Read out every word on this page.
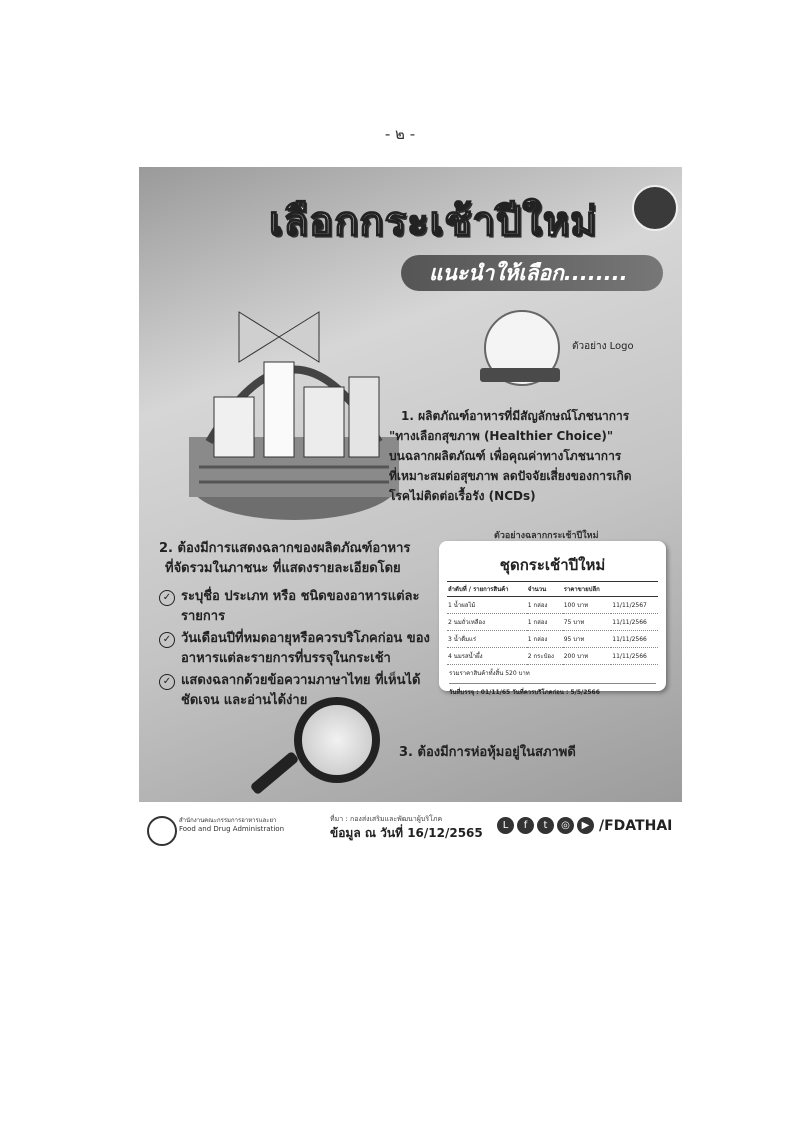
- ๒ -
เลือกกระเช้าปีใหม่
แนะนำให้เลือก........
ตัวอย่าง Logo
1. ผลิตภัณฑ์อาหารที่มีสัญลักษณ์โภชนาการ
"ทางเลือกสุขภาพ (Healthier Choice)"
บนฉลากผลิตภัณฑ์ เพื่อคุณค่าทางโภชนาการ
ที่เหมาะสมต่อสุขภาพ ลดปัจจัยเสี่ยงของการเกิด
โรคไม่ติดต่อเรื้อรัง (NCDs)
2. ต้องมีการแสดงฉลากของผลิตภัณฑ์อาหาร
ที่จัดรวมในภาชนะ ที่แสดงรายละเอียดโดย
✓ ระบุชื่อ ประเภท หรือ ชนิดของอาหารแต่ละรายการ
✓ วันเดือนปีที่หมดอายุหรือควรบริโภคก่อน ของอาหารแต่ละรายการที่บรรจุในกระเช้า
✓ แสดงฉลากด้วยข้อความภาษาไทย ที่เห็นได้ชัดเจน และอ่านได้ง่าย
ตัวอย่างฉลากกระเช้าปีใหม่
ชุดกระเช้าปีใหม่
ลำดับที่ / รายการสินค้า	จำนวน	ราคาขายปลีก	
1 น้ำผลไม้	1 กล่อง	100 บาท	11/11/2567
2 นมถั่วเหลือง	1 กล่อง	75 บาท	11/11/2566
3 น้ำดื่มแร่	1 กล่อง	95 บาท	11/11/2566
4 นมรสน้ำผึ้ง	2 กระป๋อง	200 บาท	11/11/2566
รวมราคาสินค้าทั้งสิ้น 520 บาท
วันที่บรรจุ : 01/11/65 วันที่ควรบริโภคก่อน : 5/5/2566
3. ต้องมีการห่อหุ้มอยู่ในสภาพดี
สำนักงานคณะกรรมการอาหารและยา
Food and Drug Administration
ที่มา : กองส่งเสริมและพัฒนาผู้บริโภค
ข้อมูล ณ วันที่ 16/12/2565
L	f	t	◎	▶ /FDATHAI
